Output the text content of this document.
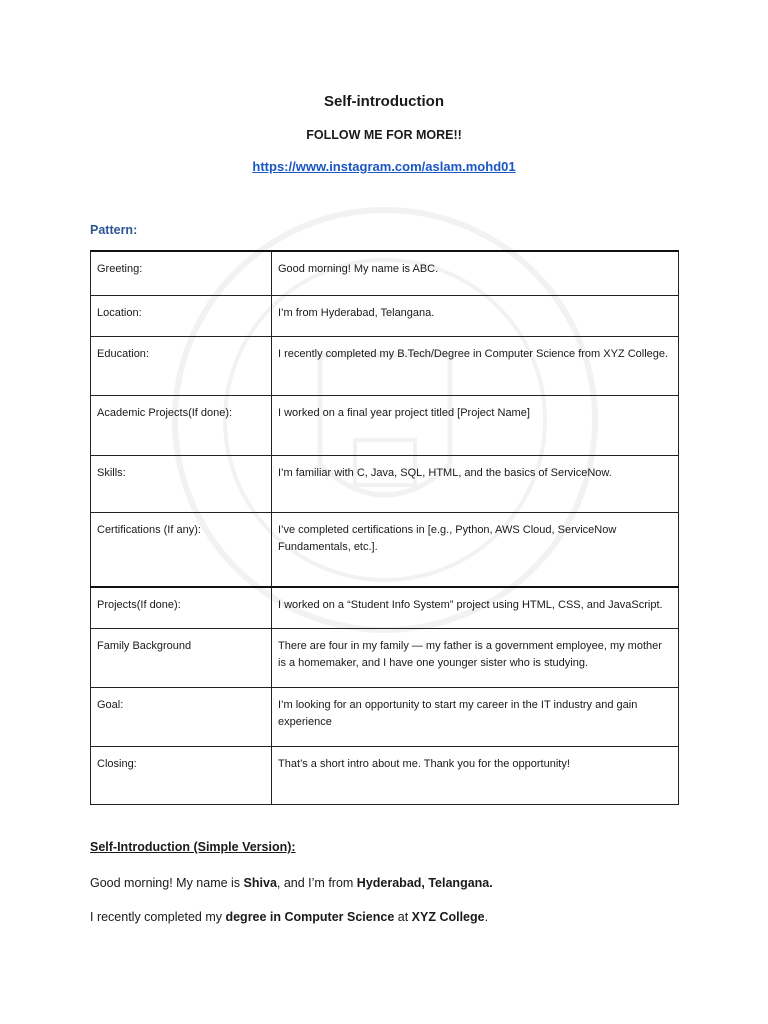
Self-introduction
FOLLOW ME FOR MORE!!
https://www.instagram.com/aslam.mohd01
Pattern:
Greeting:	Good morning! My name is ABC.
Location:	I’m from Hyderabad, Telangana.
Education:	I recently completed my B.Tech/Degree in Computer Science from XYZ College.
Academic Projects(If done):	I worked on a final year project titled [Project Name]
Skills:	I’m familiar with C, Java, SQL, HTML, and the basics of ServiceNow.
Certifications (If any):	I’ve completed certifications in [e.g., Python, AWS Cloud, ServiceNow Fundamentals, etc.].
Projects(If done):	I worked on a “Student Info System” project using HTML, CSS, and JavaScript.
Family Background	There are four in my family — my father is a government employee, my mother is a homemaker, and I have one younger sister who is studying.
Goal:	I’m looking for an opportunity to start my career in the IT industry and gain experience
Closing:	That’s a short intro about me. Thank you for the opportunity!
Self-Introduction (Simple Version):
Good morning! My name is Shiva, and I’m from Hyderabad, Telangana.
I recently completed my degree in Computer Science at XYZ College.
